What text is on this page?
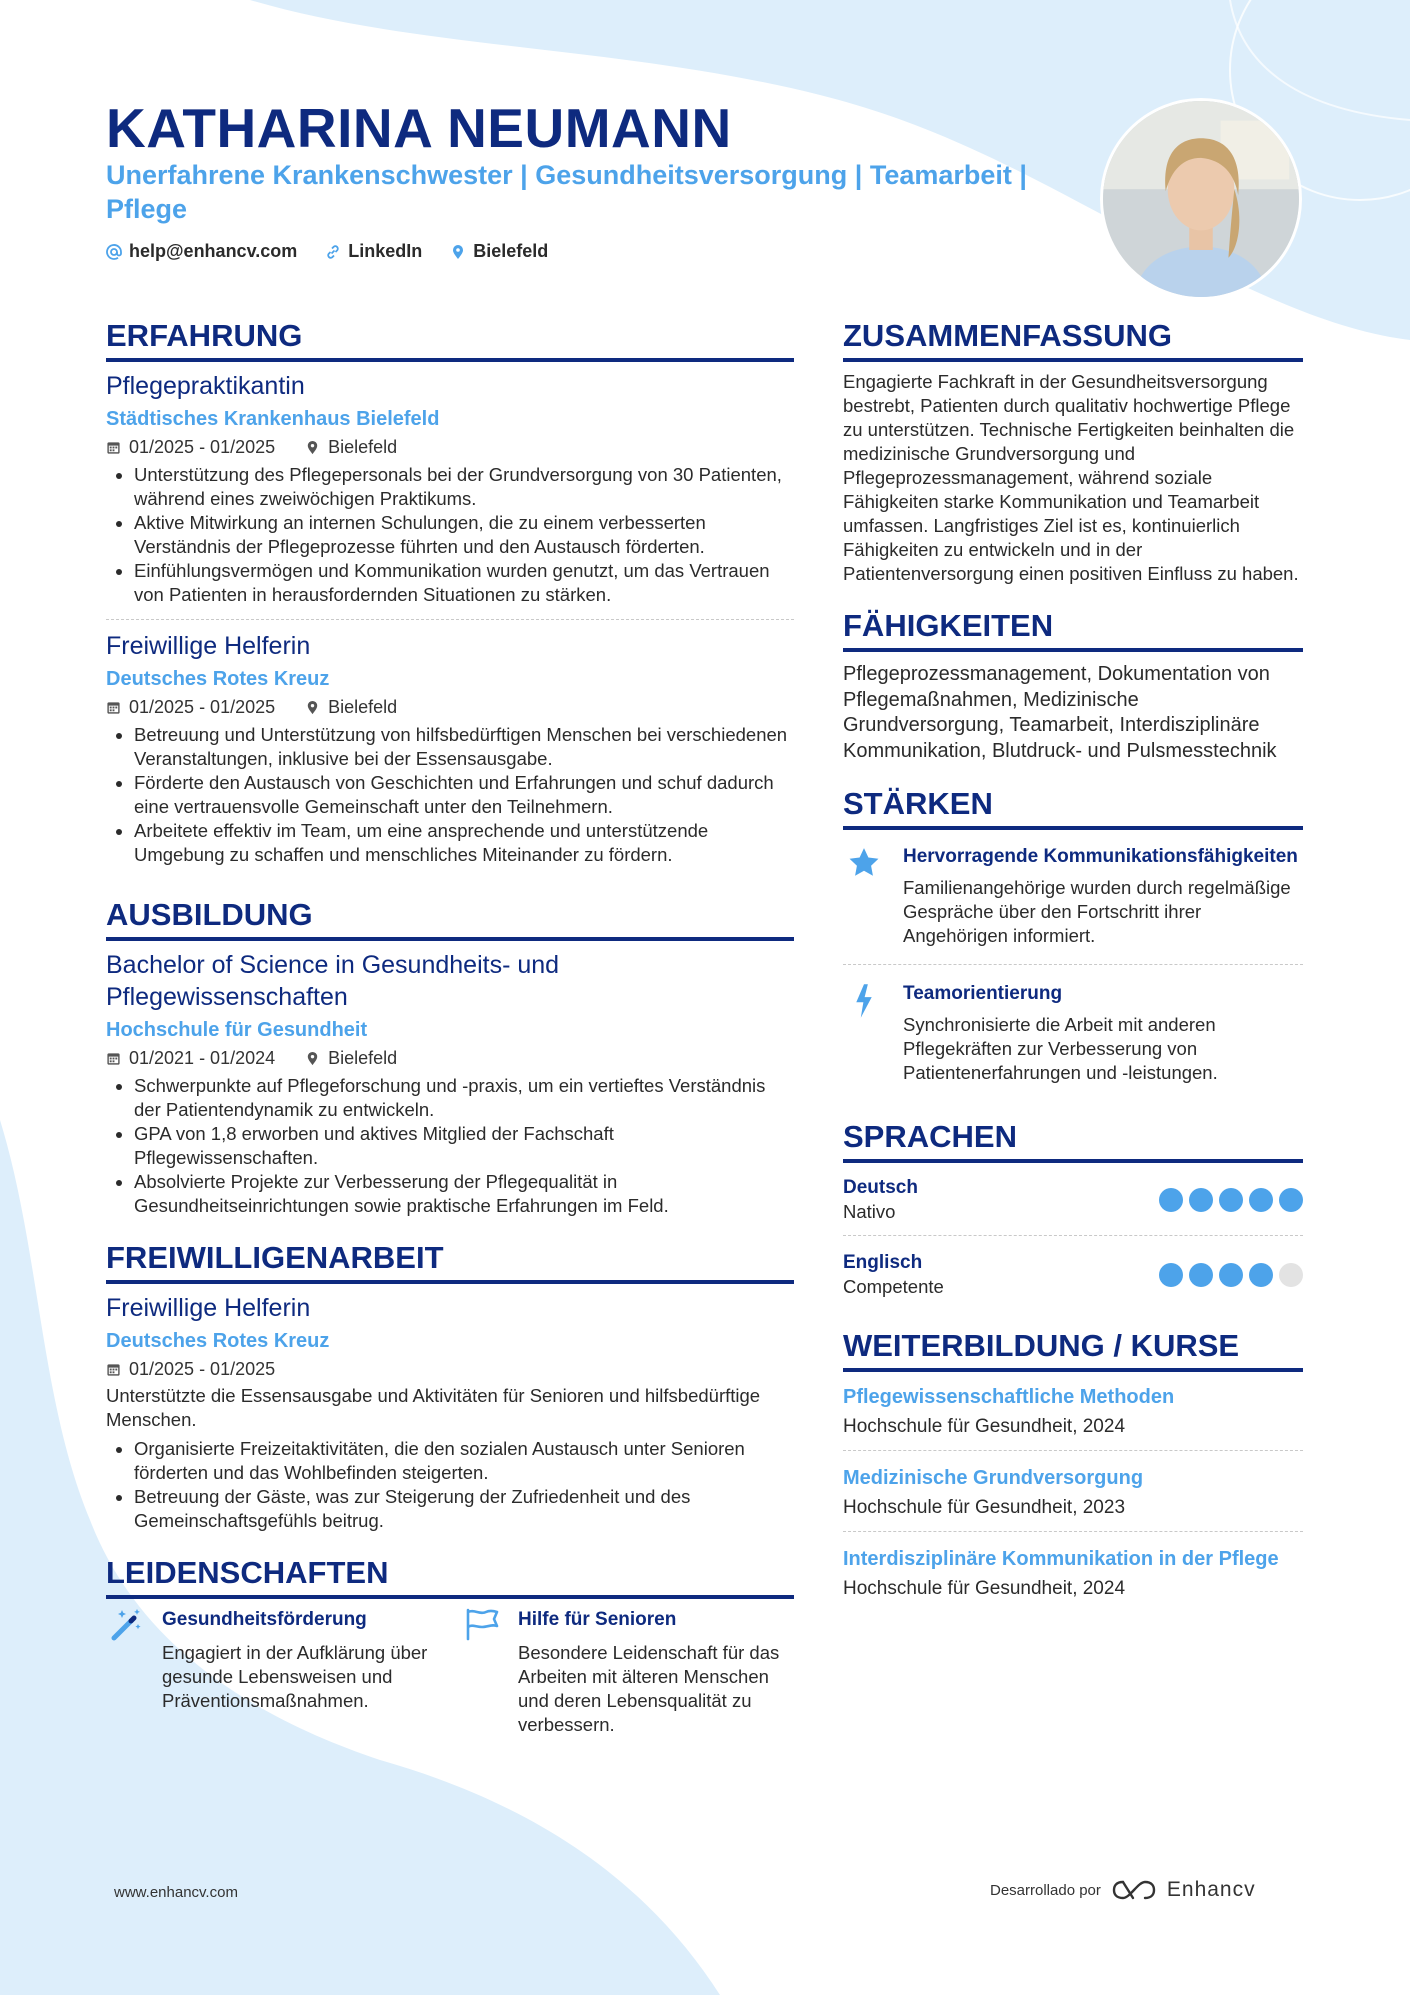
KATHARINA NEUMANN
Unerfahrene Krankenschwester | Gesundheitsversorgung | Teamarbeit | Pflege
help@enhancv.com	LinkedIn	Bielefeld
ERFAHRUNG
Pflegepraktikantin
Städtisches Krankenhaus Bielefeld
01/2025 - 01/2025	Bielefeld
• Unterstützung des Pflegepersonals bei der Grundversorgung von 30 Patienten, während eines zweiwöchigen Praktikums.
• Aktive Mitwirkung an internen Schulungen, die zu einem verbesserten Verständnis der Pflegeprozesse führten und den Austausch förderten.
• Einfühlungsvermögen und Kommunikation wurden genutzt, um das Vertrauen von Patienten in herausfordernden Situationen zu stärken.
Freiwillige Helferin
Deutsches Rotes Kreuz
01/2025 - 01/2025	Bielefeld
• Betreuung und Unterstützung von hilfsbedürftigen Menschen bei verschiedenen Veranstaltungen, inklusive bei der Essensausgabe.
• Förderte den Austausch von Geschichten und Erfahrungen und schuf dadurch eine vertrauensvolle Gemeinschaft unter den Teilnehmern.
• Arbeitete effektiv im Team, um eine ansprechende und unterstützende Umgebung zu schaffen und menschliches Miteinander zu fördern.
AUSBILDUNG
Bachelor of Science in Gesundheits- und Pflegewissenschaften
Hochschule für Gesundheit
01/2021 - 01/2024	Bielefeld
• Schwerpunkte auf Pflegeforschung und -praxis, um ein vertieftes Verständnis der Patientendynamik zu entwickeln.
• GPA von 1,8 erworben und aktives Mitglied der Fachschaft Pflegewissenschaften.
• Absolvierte Projekte zur Verbesserung der Pflegequalität in Gesundheitseinrichtungen sowie praktische Erfahrungen im Feld.
FREIWILLIGENARBEIT
Freiwillige Helferin
Deutsches Rotes Kreuz
01/2025 - 01/2025
Unterstützte die Essensausgabe und Aktivitäten für Senioren und hilfsbedürftige Menschen.
• Organisierte Freizeitaktivitäten, die den sozialen Austausch unter Senioren förderten und das Wohlbefinden steigerten.
• Betreuung der Gäste, was zur Steigerung der Zufriedenheit und des Gemeinschaftsgefühls beitrug.
LEIDENSCHAFTEN
Gesundheitsförderung
Engagiert in der Aufklärung über gesunde Lebensweisen und Präventionsmaßnahmen.
Hilfe für Senioren
Besondere Leidenschaft für das Arbeiten mit älteren Menschen und deren Lebensqualität zu verbessern.
ZUSAMMENFASSUNG
Engagierte Fachkraft in der Gesundheitsversorgung bestrebt, Patienten durch qualitativ hochwertige Pflege zu unterstützen. Technische Fertigkeiten beinhalten die medizinische Grundversorgung und Pflegeprozessmanagement, während soziale Fähigkeiten starke Kommunikation und Teamarbeit umfassen. Langfristiges Ziel ist es, kontinuierlich Fähigkeiten zu entwickeln und in der Patientenversorgung einen positiven Einfluss zu haben.
FÄHIGKEITEN
Pflegeprozessmanagement, Dokumentation von Pflegemaßnahmen, Medizinische Grundversorgung, Teamarbeit, Interdisziplinäre Kommunikation, Blutdruck- und Pulsmesstechnik
STÄRKEN
Hervorragende Kommunikationsfähigkeiten
Familienangehörige wurden durch regelmäßige Gespräche über den Fortschritt ihrer Angehörigen informiert.
Teamorientierung
Synchronisierte die Arbeit mit anderen Pflegekräften zur Verbesserung von Patientenerfahrungen und -leistungen.
SPRACHEN
Deutsch
Nativo
Englisch
Competente
WEITERBILDUNG / KURSE
Pflegewissenschaftliche Methoden
Hochschule für Gesundheit, 2024
Medizinische Grundversorgung
Hochschule für Gesundheit, 2023
Interdisziplinäre Kommunikation in der Pflege
Hochschule für Gesundheit, 2024
www.enhancv.com	Desarrollado por	Enhancv
